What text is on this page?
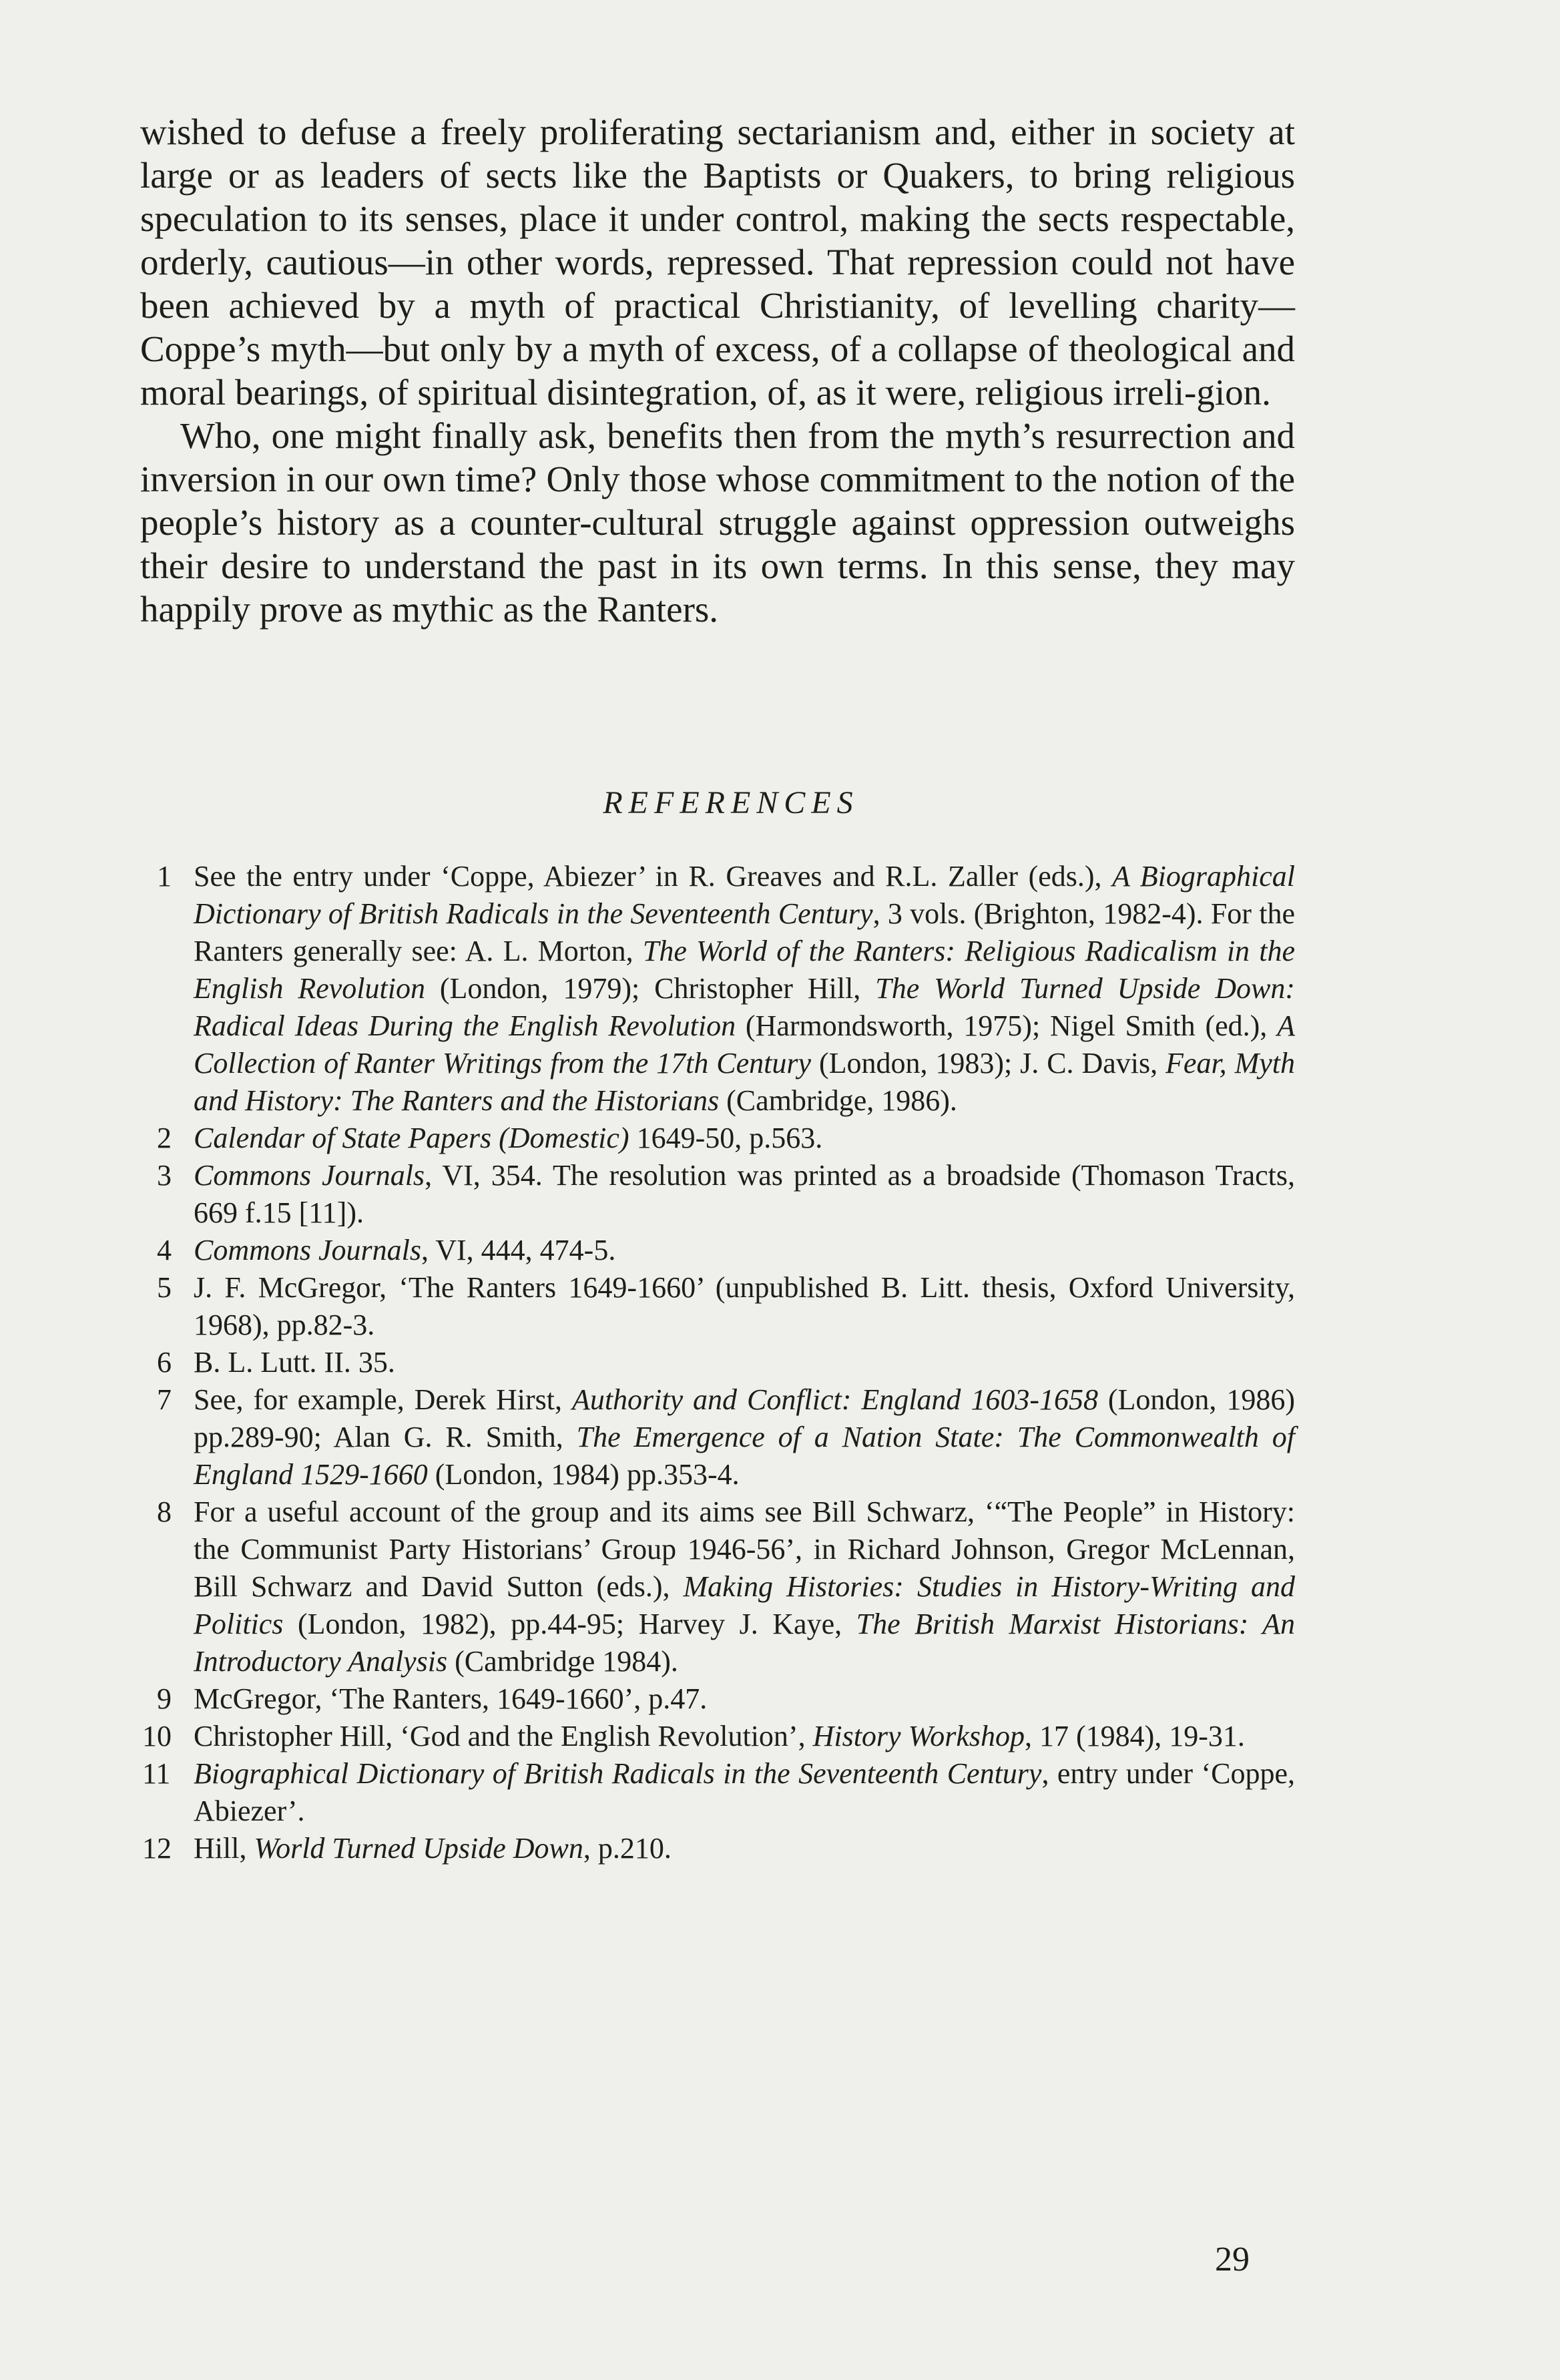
wished to defuse a freely proliferating sectarianism and, either in society at large or as leaders of sects like the Baptists or Quakers, to bring religious speculation to its senses, place it under control, making the sects respectable, orderly, cautious—in other words, repressed. That repression could not have been achieved by a myth of practical Christianity, of levelling charity—Coppe’s myth—but only by a myth of excess, of a collapse of theological and moral bearings, of spiritual disintegration, of, as it were, religious irreli-gion.

Who, one might finally ask, benefits then from the myth’s resurrection and inversion in our own time? Only those whose commitment to the notion of the people’s history as a counter-cultural struggle against oppression outweighs their desire to understand the past in its own terms. In this sense, they may happily prove as mythic as the Ranters.

REFERENCES
1 See the entry under ‘Coppe, Abiezer’ in R. Greaves and R.L. Zaller (eds.), A Biographical Dictionary of British Radicals in the Seventeenth Century, 3 vols. (Brighton, 1982-4). For the Ranters generally see: A. L. Morton, The World of the Ranters: Religious Radicalism in the English Revolution (London, 1979); Christopher Hill, The World Turned Upside Down: Radical Ideas During the English Revolution (Harmondsworth, 1975); Nigel Smith (ed.), A Collection of Ranter Writings from the 17th Century (London, 1983); J. C. Davis, Fear, Myth and History: The Ranters and the Historians (Cambridge, 1986).
2 Calendar of State Papers (Domestic) 1649-50, p.563.
3 Commons Journals, VI, 354. The resolution was printed as a broadside (Thomason Tracts, 669 f.15 [11]).
4 Commons Journals, VI, 444, 474-5.
5 J. F. McGregor, ‘The Ranters 1649-1660’ (unpublished B. Litt. thesis, Oxford University, 1968), pp.82-3.
6 B. L. Lutt. II. 35.
7 See, for example, Derek Hirst, Authority and Conflict: England 1603-1658 (London, 1986) pp.289-90; Alan G. R. Smith, The Emergence of a Nation State: The Commonwealth of England 1529-1660 (London, 1984) pp.353-4.
8 For a useful account of the group and its aims see Bill Schwarz, ‘“The People” in History: the Communist Party Historians’ Group 1946-56’, in Richard Johnson, Gregor McLennan, Bill Schwarz and David Sutton (eds.), Making Histories: Studies in History-Writing and Politics (London, 1982), pp.44-95; Harvey J. Kaye, The British Marxist Historians: An Introductory Analysis (Cambridge 1984).
9 McGregor, ‘The Ranters, 1649-1660’, p.47.
10 Christopher Hill, ‘God and the English Revolution’, History Workshop, 17 (1984), 19-31.
11 Biographical Dictionary of British Radicals in the Seventeenth Century, entry under ‘Coppe, Abiezer’.
12 Hill, World Turned Upside Down, p.210.
29
